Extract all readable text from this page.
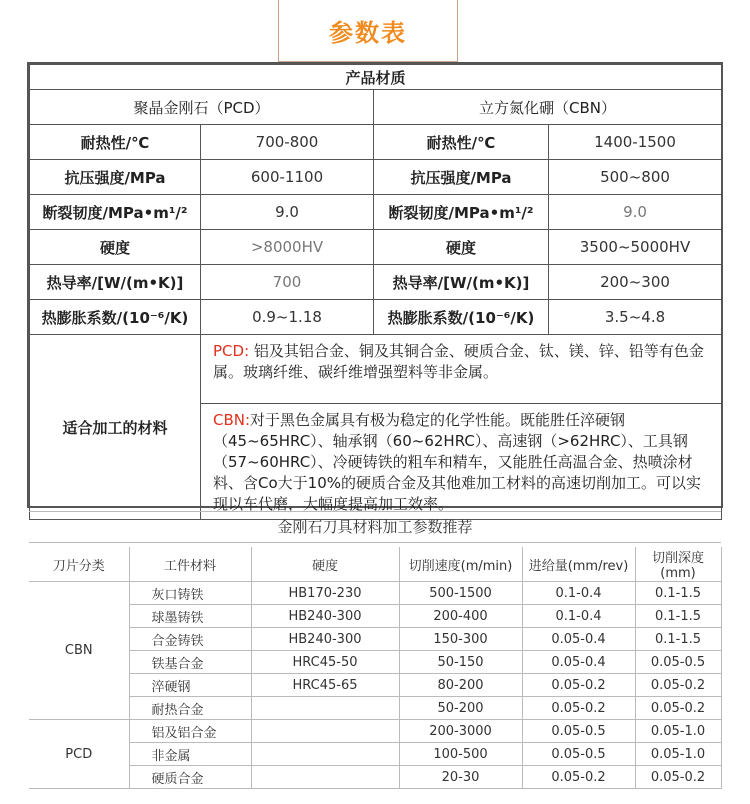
参数表
产品材质			
聚晶金刚石（PCD）		立方氮化硼（CBN）	
耐热性/℃	700-800	耐热性/℃	1400-1500
抗压强度/MPa	600-1100	抗压强度/MPa	500~800
断裂韧度/MPa•m¹/²	9.0	断裂韧度/MPa•m¹/²	9.0
硬度	>8000HV	硬度	3500~5000HV
热导率/[W/(m•K)]	700	热导率/[W/(m•K)]	200~300
热膨胀系数/(10⁻⁶/K)	0.9~1.18	热膨胀系数/(10⁻⁶/K)	3.5~4.8
适合加工的材料	PCD: 铝及其铝合金、铜及其铜合金、硬质合金、钛、镁、锌、铅等有色金属。玻璃纤维、碳纤维增强塑料等非金属。		
	CBN:对于黑色金属具有极为稳定的化学性能。既能胜任淬硬钢（45~65HRC）、轴承钢（60~62HRC）、高速钢（>62HRC）、工具钢（57~60HRC）、冷硬铸铁的粗车和精车，又能胜任高温合金、热喷涂材料、含Co大于10%的硬质合金及其他难加工材料的高速切削加工。可以实现以车代磨，大幅度提高加工效率。		
金刚石刀具材料加工参数推荐
刀片分类	工件材料	硬度	切削速度(m/min)	进给量(mm/rev)	切削深度(mm)
CBN	灰口铸铁	HB170-230	500-1500	0.1-0.4	0.1-1.5
	球墨铸铁	HB240-300	200-400	0.1-0.4	0.1-1.5
	合金铸铁	HB240-300	150-300	0.05-0.4	0.1-1.5
	铁基合金	HRC45-50	50-150	0.05-0.4	0.05-0.5
	淬硬钢	HRC45-65	80-200	0.05-0.2	0.05-0.2
	耐热合金		50-200	0.05-0.2	0.05-0.2
PCD	铝及铝合金		200-3000	0.05-0.5	0.05-1.0
	非金属		100-500	0.05-0.5	0.05-1.0
	硬质合金		20-30	0.05-0.2	0.05-0.2
